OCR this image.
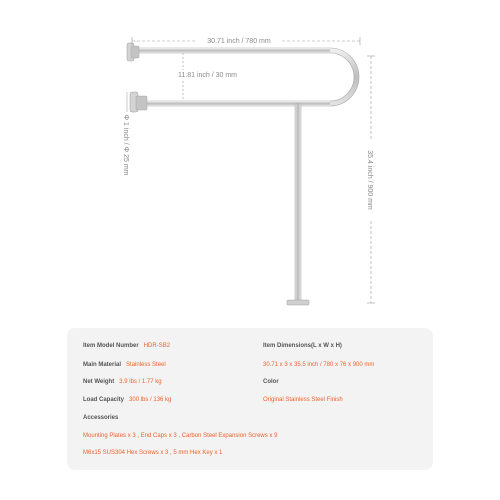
30.71 inch / 780 mm
11.81 inch / 30 mm
Φ 1 inch / Φ 25 mm
35.4 inch / 900 mm
Item Model Number HDR-SB2
Main Material Stainless Steel
Net Weight 3.9 lbs / 1.77 kg
Load Capacity 300 lbs / 136 kg
Item Dimensions(L x W x H)
30.71 x 3 x 35.5 inch / 780 x 76 x 900 mm
Color
Original Stainless Steel Finish
Accessories
Mounting Plates x 3 , End Caps x 3 , Carbon Steel Expansion Screws x 9
M6x15 SUS304 Hex Screws x 3 , 5 mm Hex Key x 1
